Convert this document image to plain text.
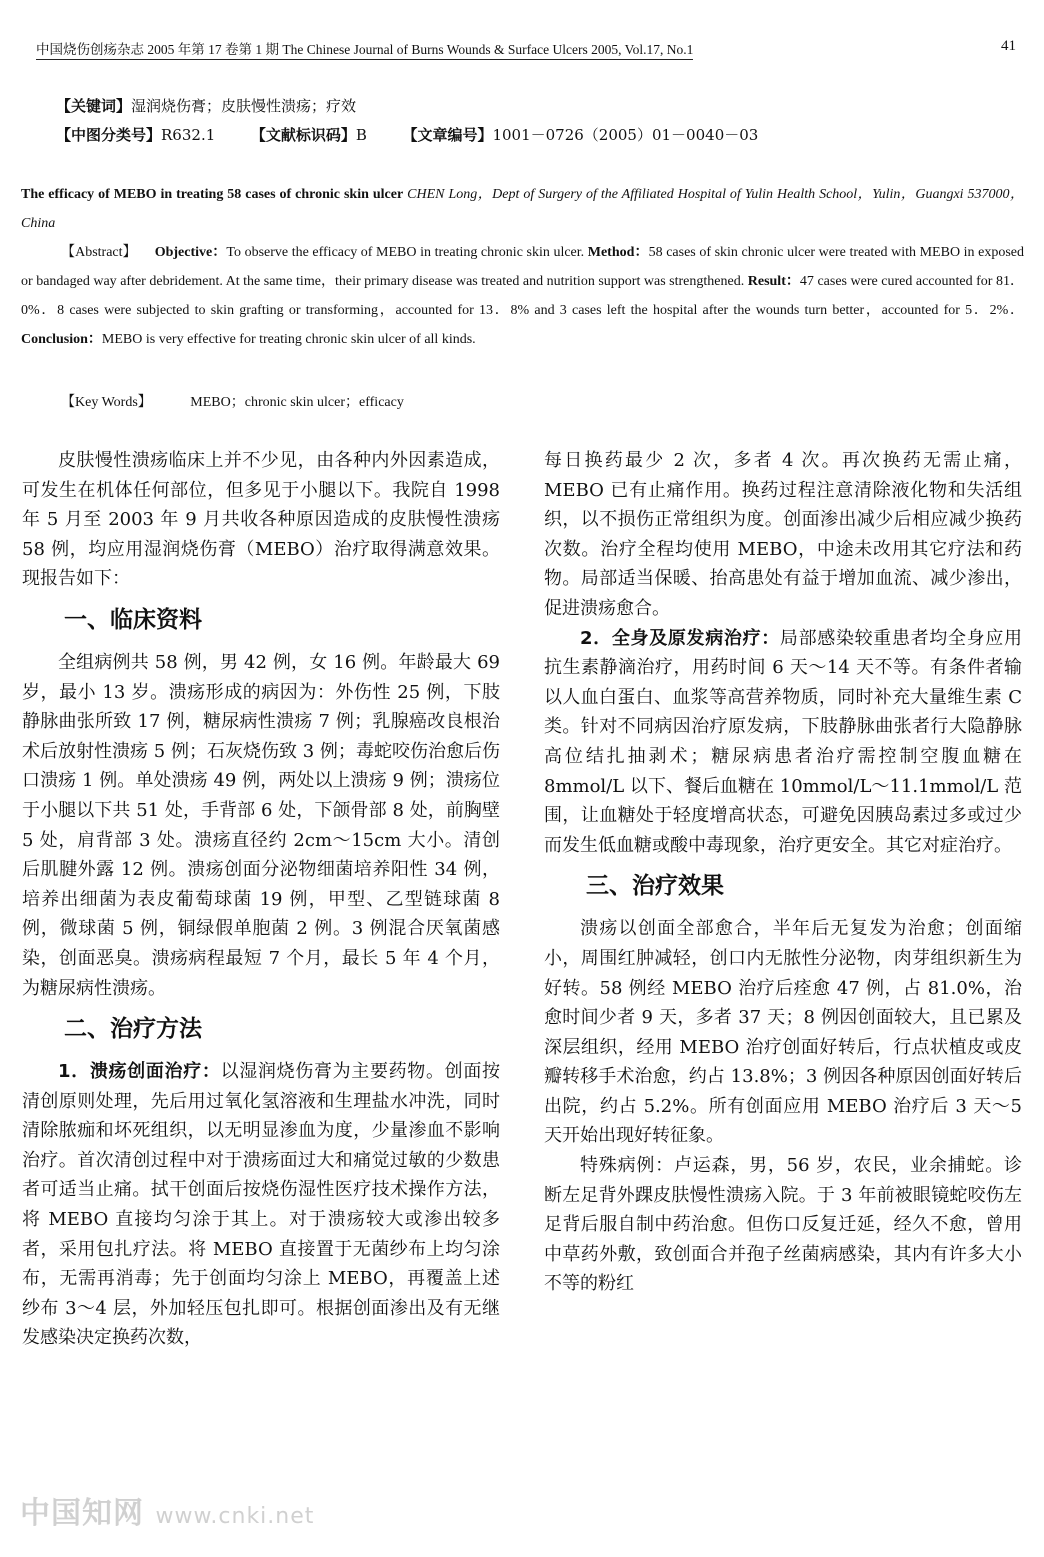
中国烧伤创疡杂志 2005 年第 17 卷第 1 期 The Chinese Journal of Burns Wounds & Surface Ulcers 2005, Vol.17, No.1	41
【关键词】湿润烧伤膏；皮肤慢性溃疡；疗效
【中图分类号】R632.1 【文献标识码】B 【文章编号】1001－0726（2005）01－0040－03
The efficacy of MEBO in treating 58 cases of chronic skin ulcer CHEN Long，Dept of Surgery of the Affiliated Hospital of Yulin Health School，Yulin，Guangxi 537000，China
【Abstract】 Objective：To observe the efficacy of MEBO in treating chronic skin ulcer. Method：58 cases of skin chronic ulcer were treated with MEBO in exposed or bandaged way after debridement. At the same time，their primary disease was treated and nutrition support was strengthened. Result：47 cases were cured accounted for 81．0%．8 cases were subjected to skin grafting or transforming，accounted for 13．8% and 3 cases left the hospital after the wounds turn better，accounted for 5．2%． Conclusion：MEBO is very effective for treating chronic skin ulcer of all kinds.
【Key Words】	MEBO；chronic skin ulcer；efficacy

皮肤慢性溃疡临床上并不少见，由各种内外因素造成，可发生在机体任何部位，但多见于小腿以下。我院自 1998 年 5 月至 2003 年 9 月共收各种原因造成的皮肤慢性溃疡 58 例，均应用湿润烧伤膏（MEBO）治疗取得满意效果。现报告如下：

一、临床资料

全组病例共 58 例，男 42 例，女 16 例。年龄最大 69 岁，最小 13 岁。溃疡形成的病因为：外伤性 25 例，下肢静脉曲张所致 17 例，糖尿病性溃疡 7 例；乳腺癌改良根治术后放射性溃疡 5 例；石灰烧伤致 3 例；毒蛇咬伤治愈后伤口溃疡 1 例。单处溃疡 49 例，两处以上溃疡 9 例；溃疡位于小腿以下共 51 处，手背部 6 处，下颌骨部 8 处，前胸壁 5 处，肩背部 3 处。溃疡直径约 2cm～15cm 大小。清创后肌腱外露 12 例。溃疡创面分泌物细菌培养阳性 34 例，培养出细菌为表皮葡萄球菌 19 例，甲型、乙型链球菌 8 例，微球菌 5 例，铜绿假单胞菌 2 例。3 例混合厌氧菌感染，创面恶臭。溃疡病程最短 7 个月，最长 5 年 4 个月，为糖尿病性溃疡。

二、治疗方法

1．溃疡创面治疗：以湿润烧伤膏为主要药物。创面按清创原则处理，先后用过氧化氢溶液和生理盐水冲洗，同时清除脓痂和坏死组织，以无明显渗血为度，少量渗血不影响治疗。首次清创过程中对于溃疡面过大和痛觉过敏的少数患者可适当止痛。拭干创面后按烧伤湿性医疗技术操作方法，将 MEBO 直接均匀涂于其上。对于溃疡较大或渗出较多者，采用包扎疗法。将 MEBO 直接置于无菌纱布上均匀涂布，无需再消毒；先于创面均匀涂上 MEBO，再覆盖上述纱布 3～4 层，外加轻压包扎即可。根据创面渗出及有无继发感染决定换药次数，

每日换药最少 2 次，多者 4 次。再次换药无需止痛，MEBO 已有止痛作用。换药过程注意清除液化物和失活组织，以不损伤正常组织为度。创面渗出减少后相应减少换药次数。治疗全程均使用 MEBO，中途未改用其它疗法和药物。局部适当保暖、抬高患处有益于增加血流、减少渗出，促进溃疡愈合。

2．全身及原发病治疗：局部感染较重患者均全身应用抗生素静滴治疗，用药时间 6 天～14 天不等。有条件者输以人血白蛋白、血浆等高营养物质，同时补充大量维生素 C 类。针对不同病因治疗原发病，下肢静脉曲张者行大隐静脉高位结扎抽剥术；糖尿病患者治疗需控制空腹血糖在 8mmol/L 以下、餐后血糖在 10mmol/L～11.1mmol/L 范围，让血糖处于轻度增高状态，可避免因胰岛素过多或过少而发生低血糖或酸中毒现象，治疗更安全。其它对症治疗。

三、治疗效果

溃疡以创面全部愈合，半年后无复发为治愈；创面缩小，周围红肿减轻，创口内无脓性分泌物，肉芽组织新生为好转。58 例经 MEBO 治疗后痊愈 47 例，占 81.0%，治愈时间少者 9 天，多者 37 天；8 例因创面较大，且已累及深层组织，经用 MEBO 治疗创面好转后，行点状植皮或皮瓣转移手术治愈，约占 13.8%；3 例因各种原因创面好转后出院，约占 5.2%。所有创面应用 MEBO 治疗后 3 天～5 天开始出现好转征象。

特殊病例：卢运森，男，56 岁，农民，业余捕蛇。诊断左足背外踝皮肤慢性溃疡入院。于 3 年前被眼镜蛇咬伤左足背后服自制中药治愈。但伤口反复迁延，经久不愈，曾用中草药外敷，致创面合并孢子丝菌病感染，其内有许多大小不等的粉红

中国知网 www.cnki.net
